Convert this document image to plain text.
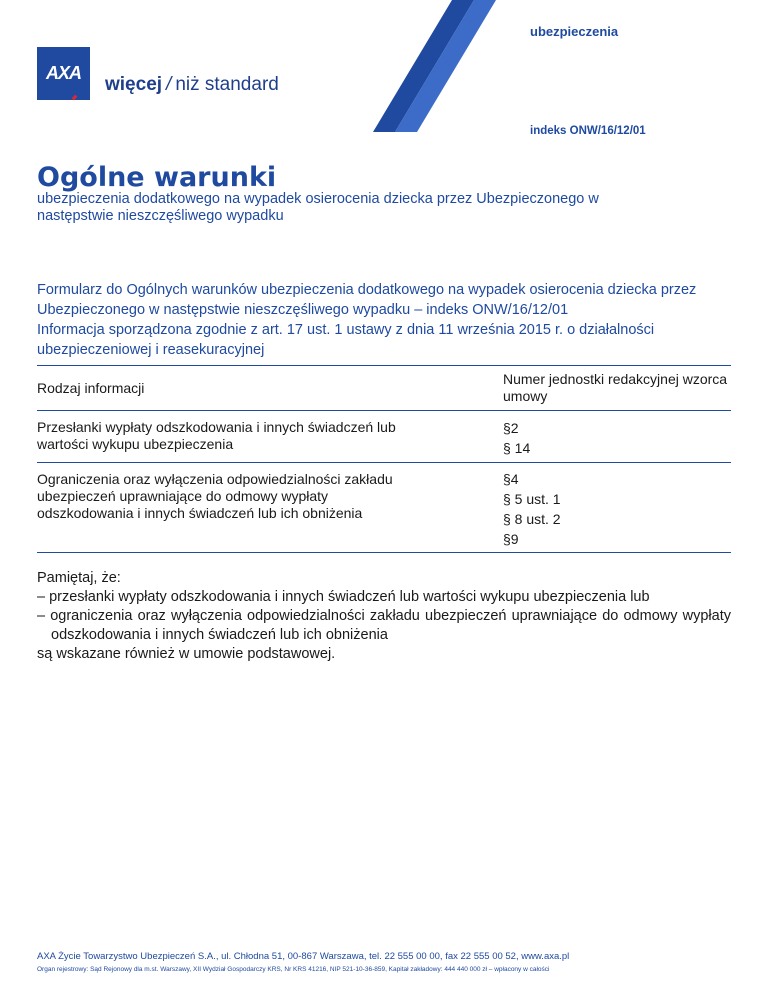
AXA
więcej / niż standard
ubezpieczenia
indeks ONW/16/12/01
Ogólne warunki
ubezpieczenia dodatkowego na wypadek osierocenia dziecka przez Ubezpieczonego w następstwie nieszczęśliwego wypadku

Formularz do Ogólnych warunków ubezpieczenia dodatkowego na wypadek osierocenia dziecka przez Ubezpieczonego w następstwie nieszczęśliwego wypadku – indeks ONW/16/12/01

Informacja sporządzona zgodnie z art. 17 ust. 1 ustawy z dnia 11 września 2015 r. o działalności ubezpieczeniowej i reasekuracyjnej

Rodzaj informacji
Numer jednostki redakcyjnej wzorca umowy
Przesłanki wypłaty odszkodowania i innych świadczeń lub wartości wykupu ubezpieczenia
§2
§ 14
Ograniczenia oraz wyłączenia odpowiedzialności zakładu ubezpieczeń uprawniające do odmowy wypłaty odszkodowania i innych świadczeń lub ich obniżenia
§4
§ 5 ust. 1
§ 8 ust. 2
§9

Pamiętaj, że:

– przesłanki wypłaty odszkodowania i innych świadczeń lub wartości wykupu ubezpieczenia lub

– ograniczenia oraz wyłączenia odpowiedzialności zakładu ubezpieczeń uprawniające do odmowy wypłaty odszkodowania i innych świadczeń lub ich obniżenia

są wskazane również w umowie podstawowej.

AXA Życie Towarzystwo Ubezpieczeń S.A., ul. Chłodna 51, 00-867 Warszawa, tel. 22 555 00 00, fax 22 555 00 52, www.axa.pl
Organ rejestrowy: Sąd Rejonowy dla m.st. Warszawy, XII Wydział Gospodarczy KRS, Nr KRS 41216, NIP 521-10-36-859, Kapitał zakładowy: 444 440 000 zł – wpłacony w całości
